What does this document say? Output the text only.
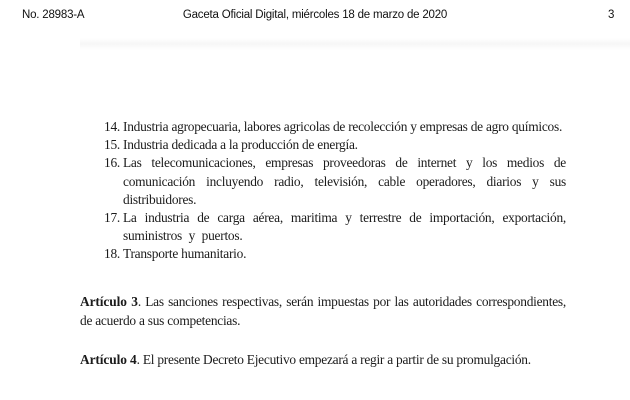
No. 28983-A	Gaceta Oficial Digital, miércoles 18 de marzo de 2020	3
14. Industria agropecuaria, labores agricolas de recolección y empresas de agro químicos.
15. Industria dedicada a la producción de energía.
16. Las telecomunicaciones, empresas proveedoras de internet y los medios de comunicación incluyendo radio, televisión, cable operadores, diarios y sus distribuidores.
17. La industria de carga aérea, maritima y terrestre de importación, exportación, suministros y puertos.
18. Transporte humanitario.

Artículo 3. Las sanciones respectivas, serán impuestas por las autoridades correspondientes, de acuerdo a sus competencias.

Artículo 4. El presente Decreto Ejecutivo empezará a regir a partir de su promulgación.
